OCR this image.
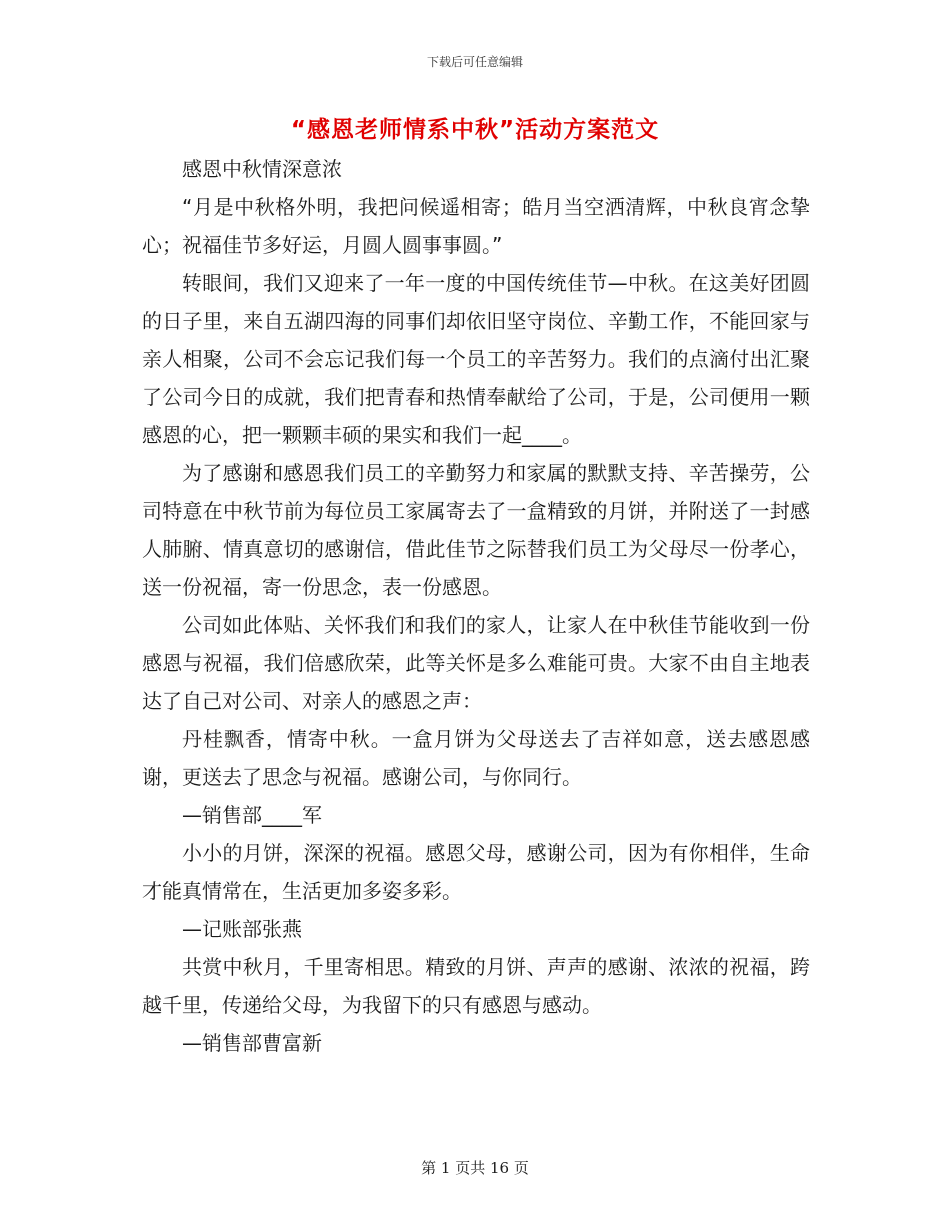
下载后可任意编辑
“感恩老师情系中秋”活动方案范文

感恩中秋情深意浓

“月是中秋格外明，我把问候遥相寄；皓月当空洒清辉，中秋良宵念挚心；祝福佳节多好运，月圆人圆事事圆。”

转眼间，我们又迎来了一年一度的中国传统佳节—中秋。在这美好团圆的日子里，来自五湖四海的同事们却依旧坚守岗位、辛勤工作，不能回家与亲人相聚，公司不会忘记我们每一个员工的辛苦努力。我们的点滴付出汇聚了公司今日的成就，我们把青春和热情奉献给了公司，于是，公司便用一颗感恩的心，把一颗颗丰硕的果实和我们一起____。

为了感谢和感恩我们员工的辛勤努力和家属的默默支持、辛苦操劳，公司特意在中秋节前为每位员工家属寄去了一盒精致的月饼，并附送了一封感人肺腑、情真意切的感谢信，借此佳节之际替我们员工为父母尽一份孝心，送一份祝福，寄一份思念，表一份感恩。

公司如此体贴、关怀我们和我们的家人，让家人在中秋佳节能收到一份感恩与祝福，我们倍感欣荣，此等关怀是多么难能可贵。大家不由自主地表达了自己对公司、对亲人的感恩之声：

丹桂飘香，情寄中秋。一盒月饼为父母送去了吉祥如意，送去感恩感谢，更送去了思念与祝福。感谢公司，与你同行。

—销售部____军

小小的月饼，深深的祝福。感恩父母，感谢公司，因为有你相伴，生命才能真情常在，生活更加多姿多彩。

—记账部张燕

共赏中秋月，千里寄相思。精致的月饼、声声的感谢、浓浓的祝福，跨越千里，传递给父母，为我留下的只有感恩与感动。

—销售部曹富新

第 1 页共 16 页
